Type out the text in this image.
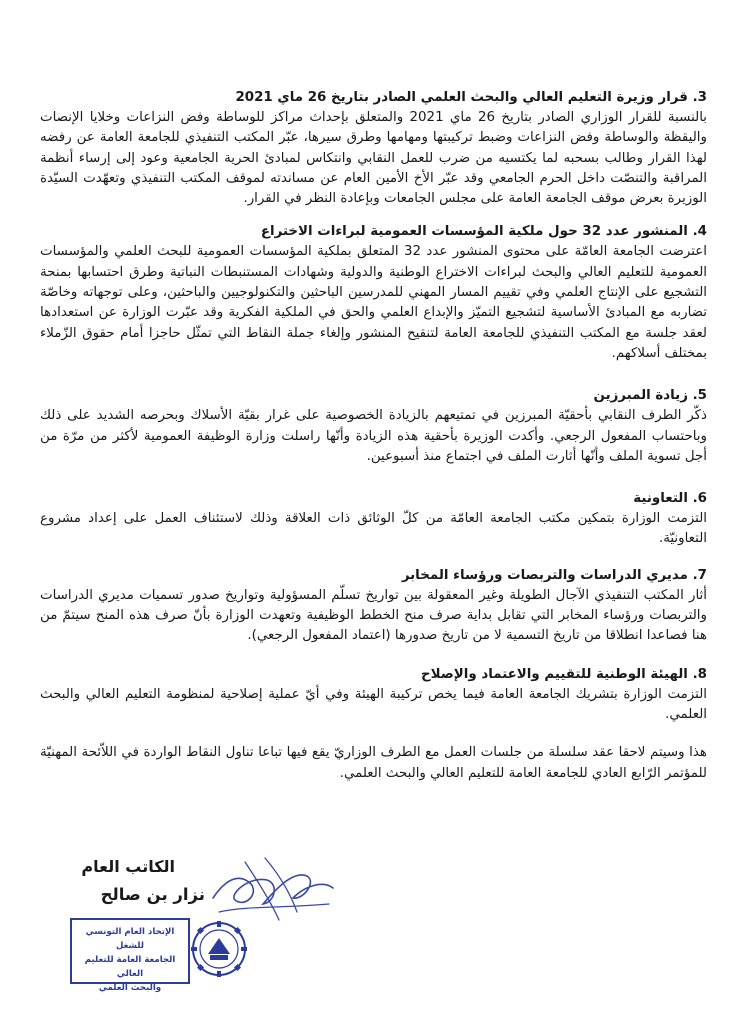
3. قرار وزيرة التعليم العالي والبحث العلمي الصادر بتاريخ 26 ماي 2021

بالنسبة للقرار الوزاري الصادر بتاريخ 26 ماي 2021 والمتعلق بإحداث مراكز للوساطة وفض النزاعات وخلايا الإنصات واليقظة والوساطة وفض النزاعات وضبط تركيبتها ومهامها وطرق سيرها، عبّر المكتب التنفيذي للجامعة العامة عن رفضه لهذا القرار وطالب بسحبه لما يكتسيه من ضرب للعمل النقابي وانتكاس لمبادئ الحرية الجامعية وعود إلى إرساء أنظمة المراقبة والتنصّت داخل الحرم الجامعي وقد عبّر الأخ الأمين العام عن مساندته لموقف المكتب التنفيذي وتعهّدت السيّدة الوزيرة بعرض موقف الجامعة العامة على مجلس الجامعات وبإعادة النظر في القرار.

4. المنشور عدد 32 حول ملكية المؤسسات العمومية لبراءات الاختراع

اعترضت الجامعة العامّة على محتوى المنشور عدد 32 المتعلق بملكية المؤسسات العمومية للبحث العلمي والمؤسسات العمومية للتعليم العالي والبحث لبراءات الاختراع الوطنية والدولية وشهادات المستنبطات النباتية وطرق احتسابها بمنحة التشجيع على الإنتاج العلمي وفي تقييم المسار المهني للمدرسين الباحثين والتكنولوجيين والباحثين، وعلى توجهاته وخاصّة تضاربه مع المبادئ الأساسية لتشجيع التميّز والإبداع العلمي والحق في الملكية الفكرية وقد عبّرت الوزارة عن استعدادها لعقد جلسة مع المكتب التنفيذي للجامعة العامة لتنقيح المنشور وإلغاء جملة النقاط التي تمثّل حاجزا أمام حقوق الزّملاء بمختلف أسلاكهم.

5. زيادة المبرزين

ذكّر الطرف النقابي بأحقيّة المبرزين في تمتيعهم بالزيادة الخصوصية على غرار بقيّة الأسلاك وبحرصه الشديد على ذلك وباحتساب المفعول الرجعي. وأكدت الوزيرة بأحقية هذه الزيادة وأنّها راسلت وزارة الوظيفة العمومية لأكثر من مرّة من أجل تسوية الملف وأنّها أثارت الملف في اجتماع منذ أسبوعين.

6. التعاونية

التزمت الوزارة بتمكين مكتب الجامعة العامّة من كلّ الوثائق ذات العلاقة وذلك لاستئناف العمل على إعداد مشروع التعاونيّة.

7. مديري الدراسات والتربصات ورؤساء المخابر

أثار المكتب التنفيذي الآجال الطويلة وغير المعقولة بين تواريخ تسلّم المسؤولية وتواريخ صدور تسميات مديري الدراسات والتربصات ورؤساء المخابر التي تقابل بداية صرف منح الخطط الوظيفية وتعهدت الوزارة بأنّ صرف هذه المنح سيتمّ من هنا فصاعدا انطلاقا من تاريخ التسمية لا من تاريخ صدورها (اعتماد المفعول الرجعي).

8. الهيئة الوطنية للتقييم والاعتماد والإصلاح

التزمت الوزارة بتشريك الجامعة العامة فيما يخص تركيبة الهيئة وفي أيّ عملية إصلاحية لمنظومة التعليم العالي والبحث العلمي.

هذا وسيتم لاحقا عقد سلسلة من جلسات العمل مع الطرف الوزاريّ يقع فيها تباعا تناول النقاط الواردة في اللاّئحة المهنيّة للمؤتمر الرّابع العادي للجامعة العامة للتعليم العالي والبحث العلمي.

الكاتب العام

نزار بن صالح

الإتحاد العام التونسي للشغل
الجامعة العامة للتعليم العالي
والبحث العلمي
